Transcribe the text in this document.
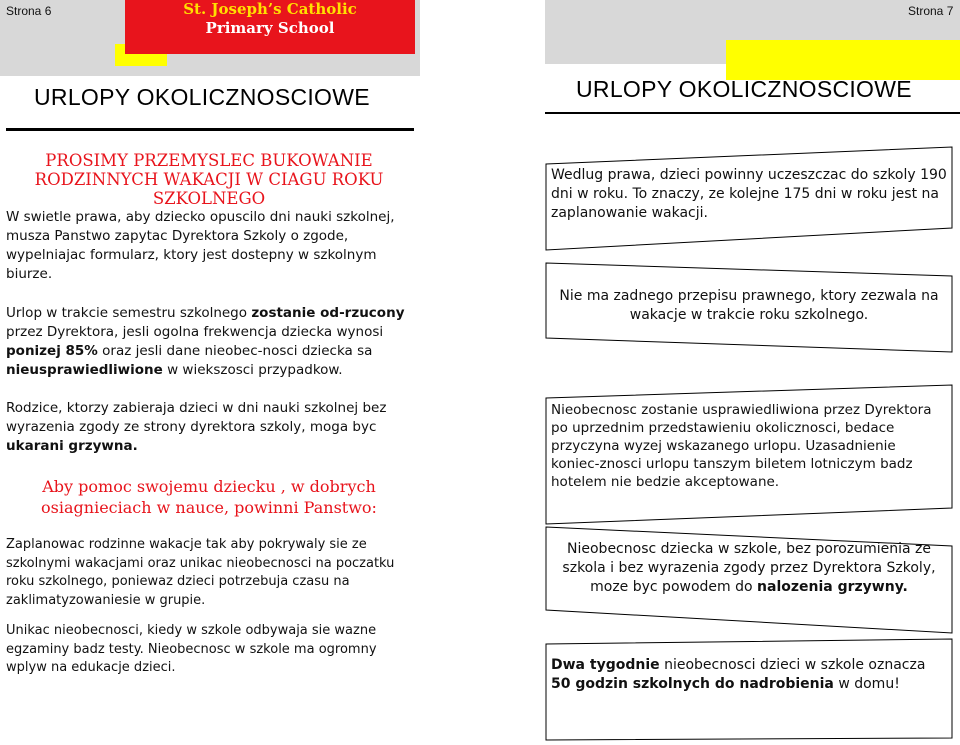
St. Joseph’s Catholic
Primary School
Strona 6	Strona 7
URLOPY OKOLICZNOSCIOWE	URLOPY OKOLICZNOSCIOWE
PROSIMY PRZEMYSLEC BUKOWANIE
RODZINNYCH WAKACJI W CIAGU ROKU
SZKOLNEGO
W swietle prawa, aby dziecko opuscilo dni nauki szkolnej, musza Panstwo zapytac Dyrektora Szkoly o zgode, wypelniajac formularz, ktory jest dostepny w szkolnym biurze.
Urlop w trakcie semestru szkolnego zostanie od-rzucony przez Dyrektora, jesli ogolna frekwencja dziecka wynosi ponizej 85% oraz jesli dane nieobec-nosci dziecka sa nieusprawiedliwione w wiekszosci przypadkow.
Rodzice, ktorzy zabieraja dzieci w dni nauki szkolnej bez wyrazenia zgody ze strony dyrektora szkoly, moga byc ukarani grzywna.
Aby pomoc swojemu dziecku , w dobrych
osiagnieciach w nauce, powinni Panstwo:
Zaplanowac rodzinne wakacje tak aby pokrywaly sie ze szkolnymi wakacjami oraz unikac nieobecnosci na poczatku roku szkolnego, poniewaz dzieci potrzebuja czasu na zaklimatyzowaniesie w grupie.
Unikac nieobecnosci, kiedy w szkole odbywaja sie wazne egzaminy badz testy. Nieobecnosc w szkole ma ogromny wplyw na edukacje dzieci.
Wedlug prawa, dzieci powinny uczeszczac do szkoly 190 dni w roku. To znaczy, ze kolejne 175 dni w roku jest na zaplanowanie wakacji.
Nie ma zadnego przepisu prawnego, ktory zezwala na wakacje w trakcie roku szkolnego.
Nieobecnosc zostanie usprawiedliwiona przez Dyrektora po uprzednim przedstawieniu okolicznosci, bedace przyczyna wyzej wskazanego urlopu. Uzasadnienie koniec-znosci urlopu tanszym biletem lotniczym badz hotelem nie bedzie akceptowane.
Nieobecnosc dziecka w szkole, bez porozumienia ze szkola i bez wyrazenia zgody przez Dyrektora Szkoly, moze byc powodem do nalozenia grzywny.
Dwa tygodnie nieobecnosci dzieci w szkole oznacza 50 godzin szkolnych do nadrobienia w domu!
